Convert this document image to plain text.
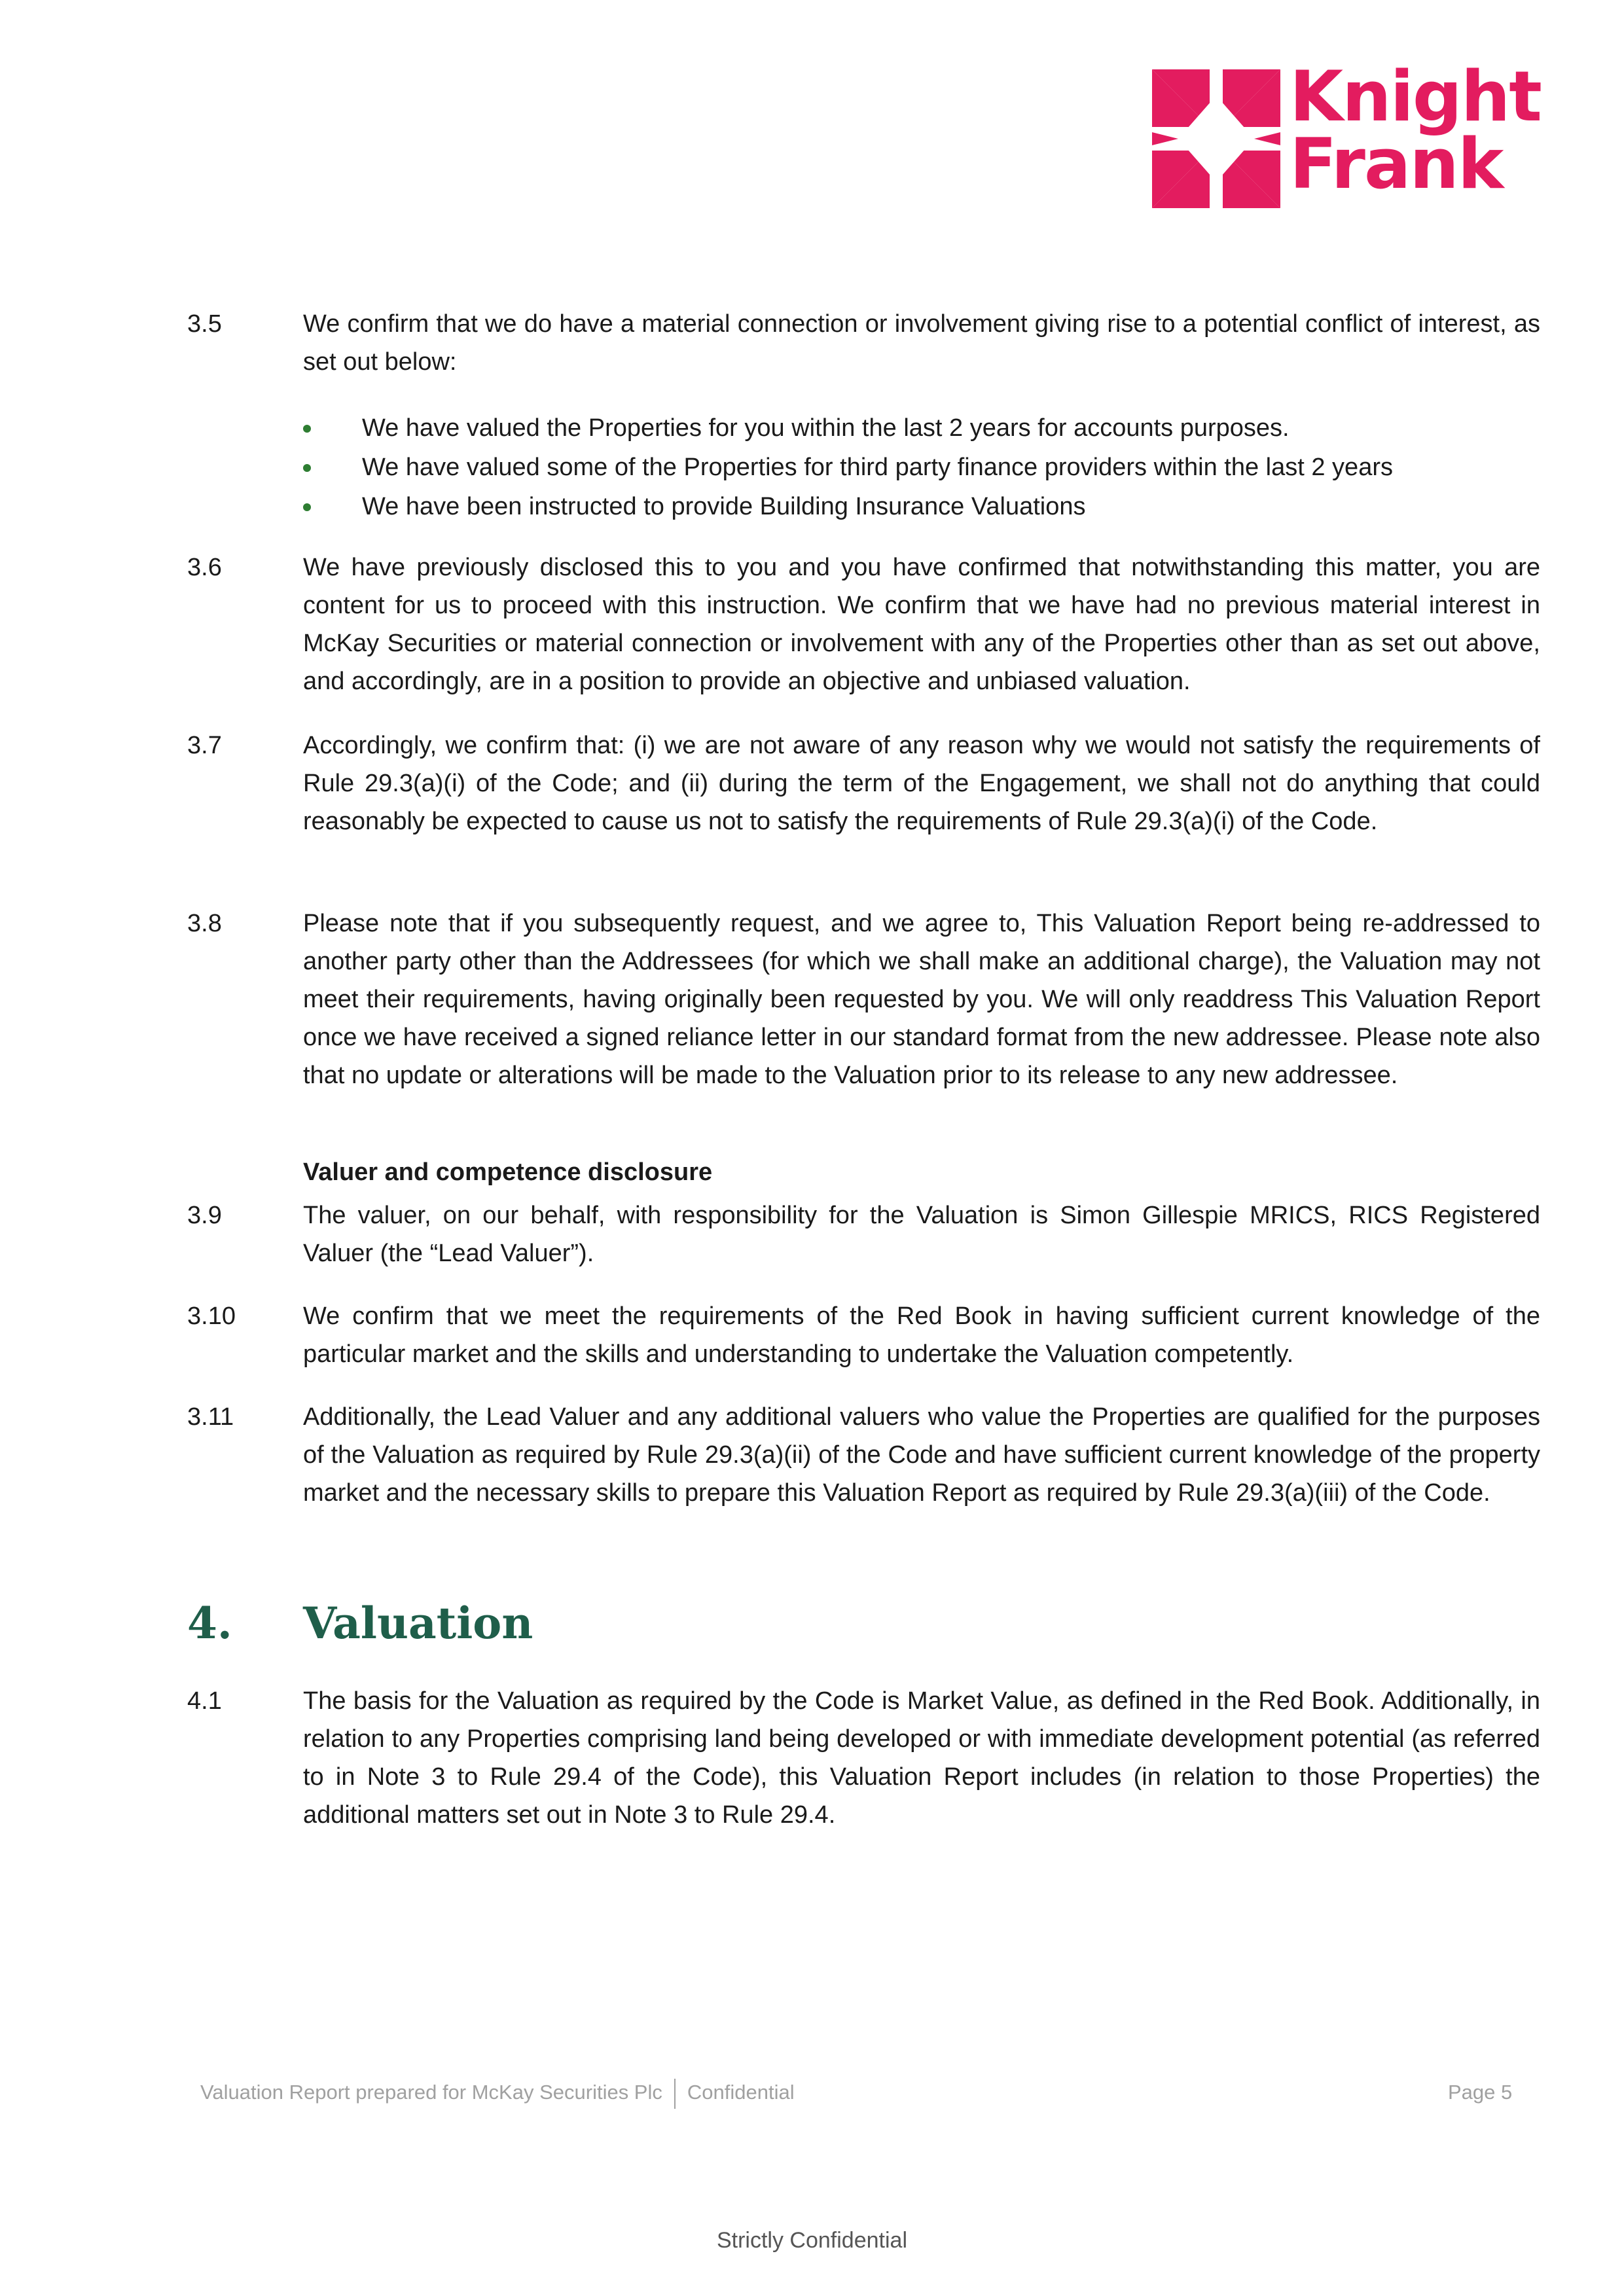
Knight
Frank
3.5	We confirm that we do have a material connection or involvement giving rise to a potential conflict of interest, as set out below:
We have valued the Properties for you within the last 2 years for accounts purposes.
We have valued some of the Properties for third party finance providers within the last 2 years
We have been instructed to provide Building Insurance Valuations
3.6	We have previously disclosed this to you and you have confirmed that notwithstanding this matter, you are content for us to proceed with this instruction. We confirm that we have had no previous material interest in McKay Securities or material connection or involvement with any of the Properties other than as set out above, and accordingly, are in a position to provide an objective and unbiased valuation.
3.7	Accordingly, we confirm that: (i) we are not aware of any reason why we would not satisfy the requirements of Rule 29.3(a)(i) of the Code; and (ii) during the term of the Engagement, we shall not do anything that could reasonably be expected to cause us not to satisfy the requirements of Rule 29.3(a)(i) of the Code.
3.8	Please note that if you subsequently request, and we agree to, This Valuation Report being re-addressed to another party other than the Addressees (for which we shall make an additional charge), the Valuation may not meet their requirements, having originally been requested by you. We will only readdress This Valuation Report once we have received a signed reliance letter in our standard format from the new addressee. Please note also that no update or alterations will be made to the Valuation prior to its release to any new addressee.
Valuer and competence disclosure
3.9	The valuer, on our behalf, with responsibility for the Valuation is Simon Gillespie MRICS, RICS Registered Valuer (the “Lead Valuer”).
3.10	We confirm that we meet the requirements of the Red Book in having sufficient current knowledge of the particular market and the skills and understanding to undertake the Valuation competently.
3.11	Additionally, the Lead Valuer and any additional valuers who value the Properties are qualified for the purposes of the Valuation as required by Rule 29.3(a)(ii) of the Code and have sufficient current knowledge of the property market and the necessary skills to prepare this Valuation Report as required by Rule 29.3(a)(iii) of the Code.
4. Valuation
4.1	The basis for the Valuation as required by the Code is Market Value, as defined in the Red Book. Additionally, in relation to any Properties comprising land being developed or with immediate development potential (as referred to in Note 3 to Rule 29.4 of the Code), this Valuation Report includes (in relation to those Properties) the additional matters set out in Note 3 to Rule 29.4.
Valuation Report prepared for McKay Securities Plc Confidential	Page 5
Strictly Confidential
